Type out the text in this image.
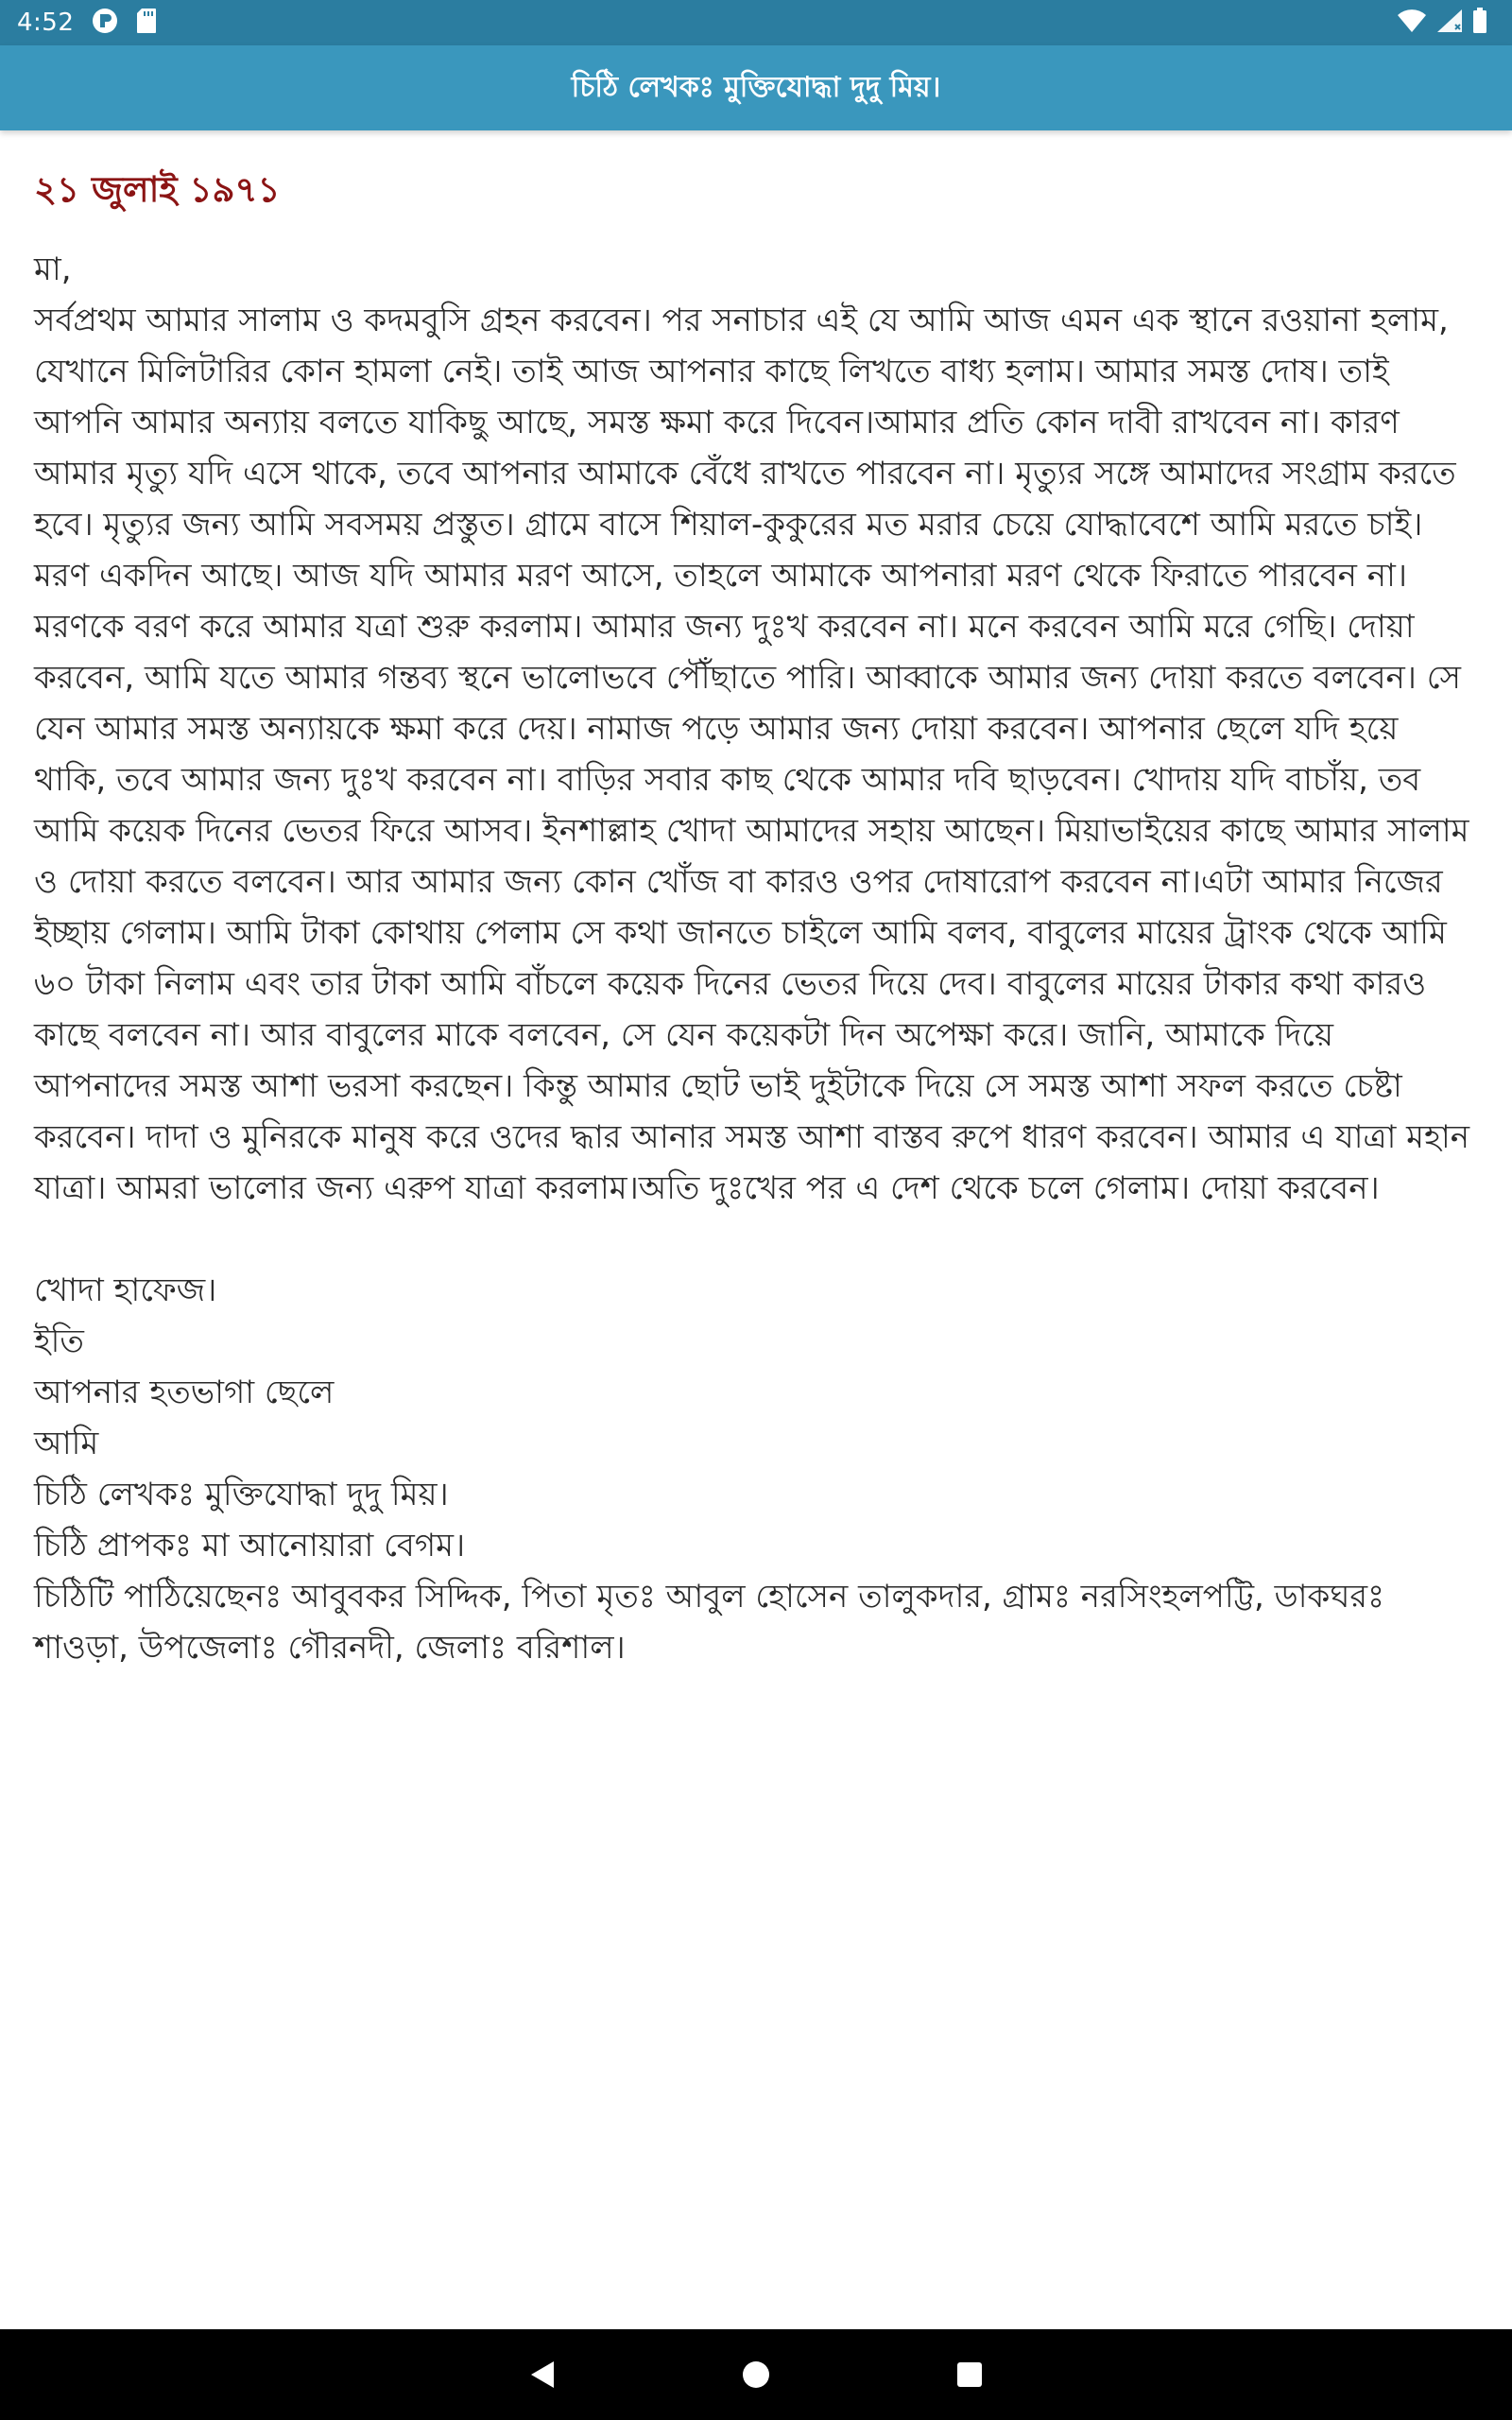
4:52
চিঠি লেখকঃ মুক্তিযোদ্ধা দুদু মিয়।
২১ জুলাই ১৯৭১

মা,
সর্বপ্রথম আমার সালাম ও কদমবুসি গ্রহন করবেন। পর সনাচার এই যে আমি আজ এমন এক স্থানে রওয়ানা হলাম, যেখানে মিলিটারির কোন হামলা নেই। তাই আজ আপনার কাছে লিখতে বাধ্য হলাম। আমার সমস্ত দোষ। তাই আপনি আমার অন্যায় বলতে যাকিছু আছে, সমস্ত ক্ষমা করে দিবেন।আমার প্রতি কোন দাবী রাখবেন না। কারণ আমার মৃত্যু যদি এসে থাকে, তবে আপনার আমাকে বেঁধে রাখতে পারবেন না। মৃত্যুর সঙ্গে আমাদের সংগ্রাম করতে হবে। মৃত্যুর জন্য আমি সবসময় প্রস্তুত। গ্রামে বাসে শিয়াল-কুকুরের মত মরার চেয়ে যোদ্ধাবেশে আমি মরতে চাই। মরণ একদিন আছে। আজ যদি আমার মরণ আসে, তাহলে আমাকে আপনারা মরণ থেকে ফিরাতে পারবেন না। মরণকে বরণ করে আমার যত্রা শুরু করলাম। আমার জন্য দুঃখ করবেন না। মনে করবেন আমি মরে গেছি। দোয়া করবেন, আমি যতে আমার গন্তব্য স্থনে ভালোভবে পৌঁছাতে পারি। আব্বাকে আমার জন্য দোয়া করতে বলবেন। সে যেন আমার সমস্ত অন্যায়কে ক্ষমা করে দেয়। নামাজ পড়ে আমার জন্য দোয়া করবেন। আপনার ছেলে যদি হয়ে থাকি, তবে আমার জন্য দুঃখ করবেন না। বাড়ির সবার কাছ থেকে আমার দবি ছাড়বেন। খোদায় যদি বাচাঁয়, তব আমি কয়েক দিনের ভেতর ফিরে আসব। ইনশাল্লাহ খোদা আমাদের সহায় আছেন। মিয়াভাইয়ের কাছে আমার সালাম ও দোয়া করতে বলবেন। আর আমার জন্য কোন খোঁজ বা কারও ওপর দোষারোপ করবেন না।এটা আমার নিজের ইচ্ছায় গেলাম। আমি টাকা কোথায় পেলাম সে কথা জানতে চাইলে আমি বলব, বাবুলের মায়ের ট্রাংক থেকে আমি ৬০ টাকা নিলাম এবং তার টাকা আমি বাঁচলে কয়েক দিনের ভেতর দিয়ে দেব। বাবুলের মায়ের টাকার কথা কারও কাছে বলবেন না। আর বাবুলের মাকে বলবেন, সে যেন কয়েকটা দিন অপেক্ষা করে। জানি, আমাকে দিয়ে আপনাদের সমস্ত আশা ভরসা করছেন। কিন্তু আমার ছোট ভাই দুইটাকে দিয়ে সে সমস্ত আশা সফল করতে চেষ্টা করবেন। দাদা ও মুনিরকে মানুষ করে ওদের দ্ধার আনার সমস্ত আশা বাস্তব রুপে ধারণ করবেন। আমার এ যাত্রা মহান যাত্রা। আমরা ভালোর জন্য এরুপ যাত্রা করলাম।অতি দুঃখের পর এ দেশ থেকে চলে গেলাম। দোয়া করবেন।

খোদা হাফেজ।
ইতি
আপনার হতভাগা ছেলে
আমি
চিঠি লেখকঃ মুক্তিযোদ্ধা দুদু মিয়।
চিঠি প্রাপকঃ মা আনোয়ারা বেগম।
চিঠিটি পাঠিয়েছেনঃ আবুবকর সিদ্দিক, পিতা মৃতঃ আবুল হোসেন তালুকদার, গ্রামঃ নরসিংহলপট্টি, ডাকঘরঃ শাওড়া, উপজেলাঃ গৌরনদী, জেলাঃ বরিশাল।
